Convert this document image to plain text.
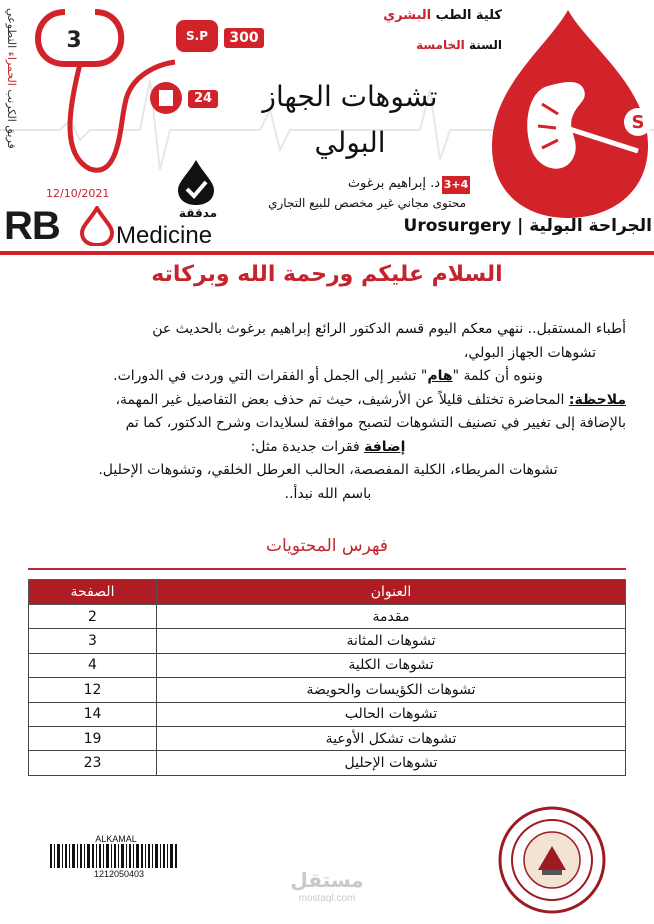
فريق الكرنب الحمراء التطوعي	3	S.P	300
24
مدققة
12/10/2021
RB	Medicine
كلية الطب البشري
السنة الخامسة
S
تشوهات الجهاز
البولي
3+4
د. إبراهيم برغوث
محتوى مجاني غير مخصص للبيع التجاري
الجراحة البولية | Urosurgery
السلام عليكم ورحمة الله وبركاته

أطباء المستقبل.. ننهي معكم اليوم قسم الدكتور الرائع إبراهيم برغوث بالحديث عن

تشوهات الجهاز البولي،

وننوه أن كلمة "هام" تشير إلى الجمل أو الفقرات التي وردت في الدورات.

ملاحظة: المحاضرة تختلف قليلاً عن الأرشيف، حيث تم حذف بعض التفاصيل غير المهمة،

بالإضافة إلى تغيير في تصنيف التشوهات لتصبح موافقة لسلايدات وشرح الدكتور، كما تم

إضافة فقرات جديدة مثل:

تشوهات المريطاء، الكلية المفصصة، الحالب العرطل الخلقي، وتشوهات الإحليل.

باسم الله نبدأ..

فهرس المحتويات
العنوان	الصفحة
مقدمة	2
تشوهات المثانة	3
تشوهات الكلية	4
تشوهات الكؤيسات والحويضة	12
تشوهات الحالب	14
تشوهات تشكل الأوعية	19
تشوهات الإحليل	23
ALKAMAL
1212050403	مستقل
mostaql.com
